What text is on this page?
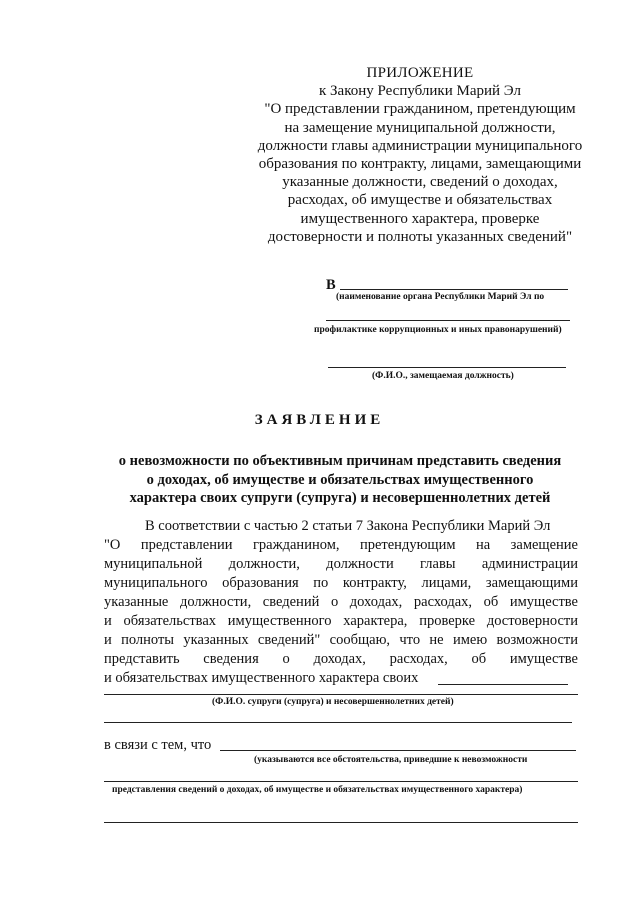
ПРИЛОЖЕНИЕ
к Закону Республики Марий Эл
"О представлении гражданином, претендующим
на замещение муниципальной должности,
должности главы администрации муниципального
образования по контракту, лицами, замещающими
указанные должности, сведений о доходах,
расходах, об имуществе и обязательствах
имущественного характера, проверке
достоверности и полноты указанных сведений"
В
(наименование органа Республики Марий Эл по
профилактике коррупционных и иных правонарушений)
(Ф.И.О., замещаемая должность)
ЗАЯВЛЕНИЕ
о невозможности по объективным причинам представить сведения
о доходах, об имуществе и обязательствах имущественного
характера своих супруги (супруга) и несовершеннолетних детей
В соответствии с частью 2 статьи 7 Закона Республики Марий Эл
"О представлении гражданином, претендующим на замещение
муниципальной должности, должности главы администрации
муниципального образования по контракту, лицами, замещающими
указанные должности, сведений о доходах, расходах, об имуществе
и обязательствах имущественного характера, проверке достоверности
и полноты указанных сведений" сообщаю, что не имею возможности
представить сведения о доходах, расходах, об имуществе
и обязательствах имущественного характера своих
(Ф.И.О. супруги (супруга) и несовершеннолетних детей)
в связи с тем, что
(указываются все обстоятельства, приведшие к невозможности
представления сведений о доходах, об имуществе и обязательствах имущественного характера)
